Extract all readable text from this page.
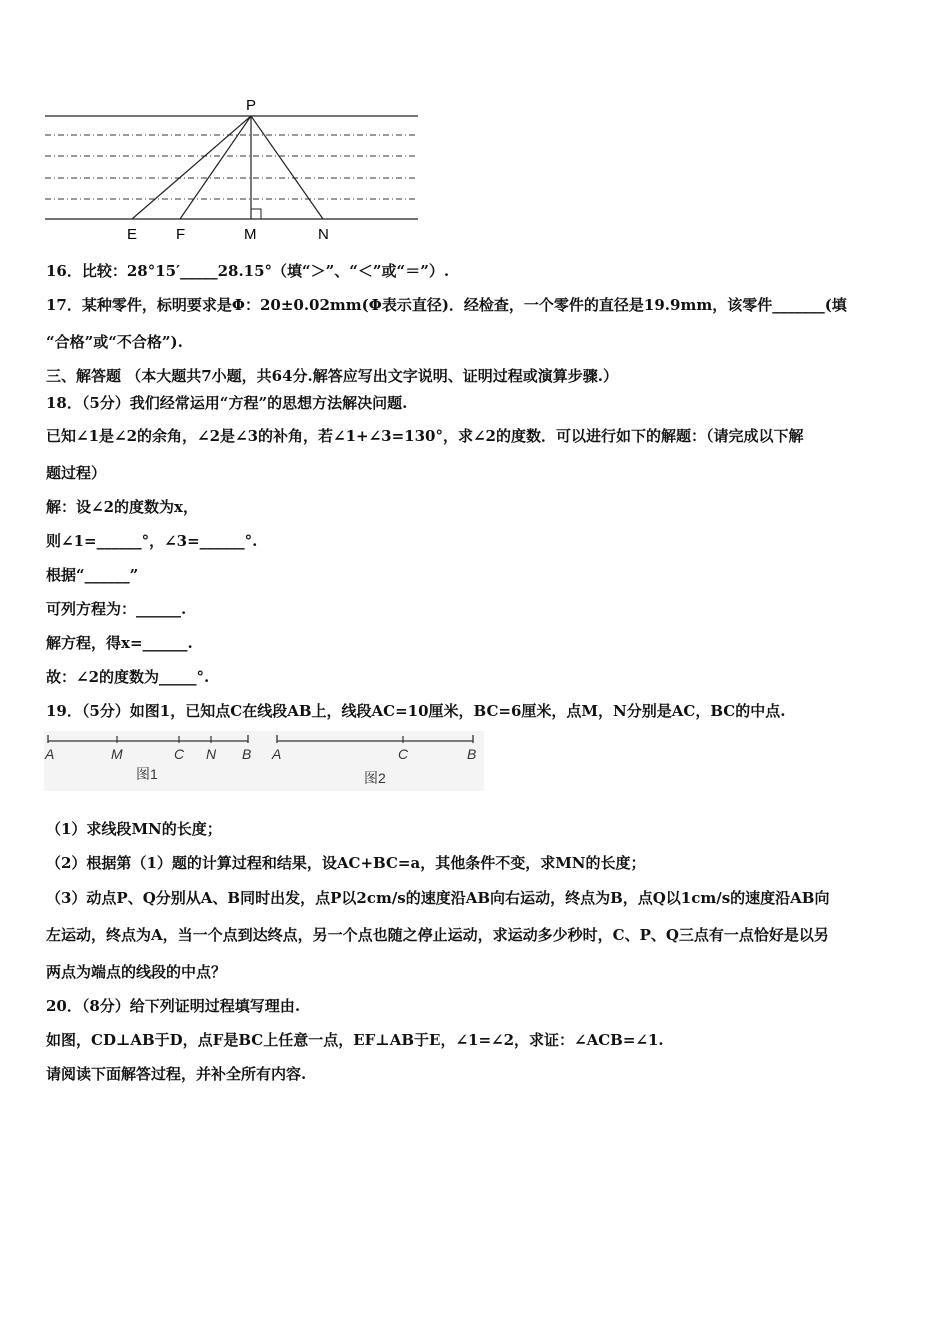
P
E	F	M	N
16．比较：28°15′_____28.15°（填“＞”、“＜”或“＝”）.
17．某种零件，标明要求是Φ：20±0.02mm(Φ表示直径)．经检查，一个零件的直径是19.9mm，该零件_______(填
“合格”或“不合格”).
三、解答题 （本大题共7小题，共64分.解答应写出文字说明、证明过程或演算步骤.）
18．（5分）我们经常运用“方程”的思想方法解决问题.
已知∠1是∠2的余角，∠2是∠3的补角，若∠1+∠3=130°，求∠2的度数．可以进行如下的解题：（请完成以下解
题过程）
解：设∠2的度数为x，
则∠1=______°，∠3=______°.
根据“______”
可列方程为：______.
解方程，得x=______.
故：∠2的度数为_____°.
19．（5分）如图1，已知点C在线段AB上，线段AC=10厘米，BC=6厘米，点M，N分别是AC，BC的中点.
A	M	C N B
图1
A	C	B
图2
（1）求线段MN的长度；
（2）根据第（1）题的计算过程和结果，设AC+BC=a，其他条件不变，求MN的长度；
（3）动点P、Q分别从A、B同时出发，点P以2cm/s的速度沿AB向右运动，终点为B，点Q以1cm/s的速度沿AB向
左运动，终点为A，当一个点到达终点，另一个点也随之停止运动，求运动多少秒时，C、P、Q三点有一点恰好是以另
两点为端点的线段的中点？
20．（8分）给下列证明过程填写理由.
如图，CD⊥AB于D，点F是BC上任意一点，EF⊥AB于E，∠1=∠2，求证：∠ACB=∠1.
请阅读下面解答过程，并补全所有内容.
